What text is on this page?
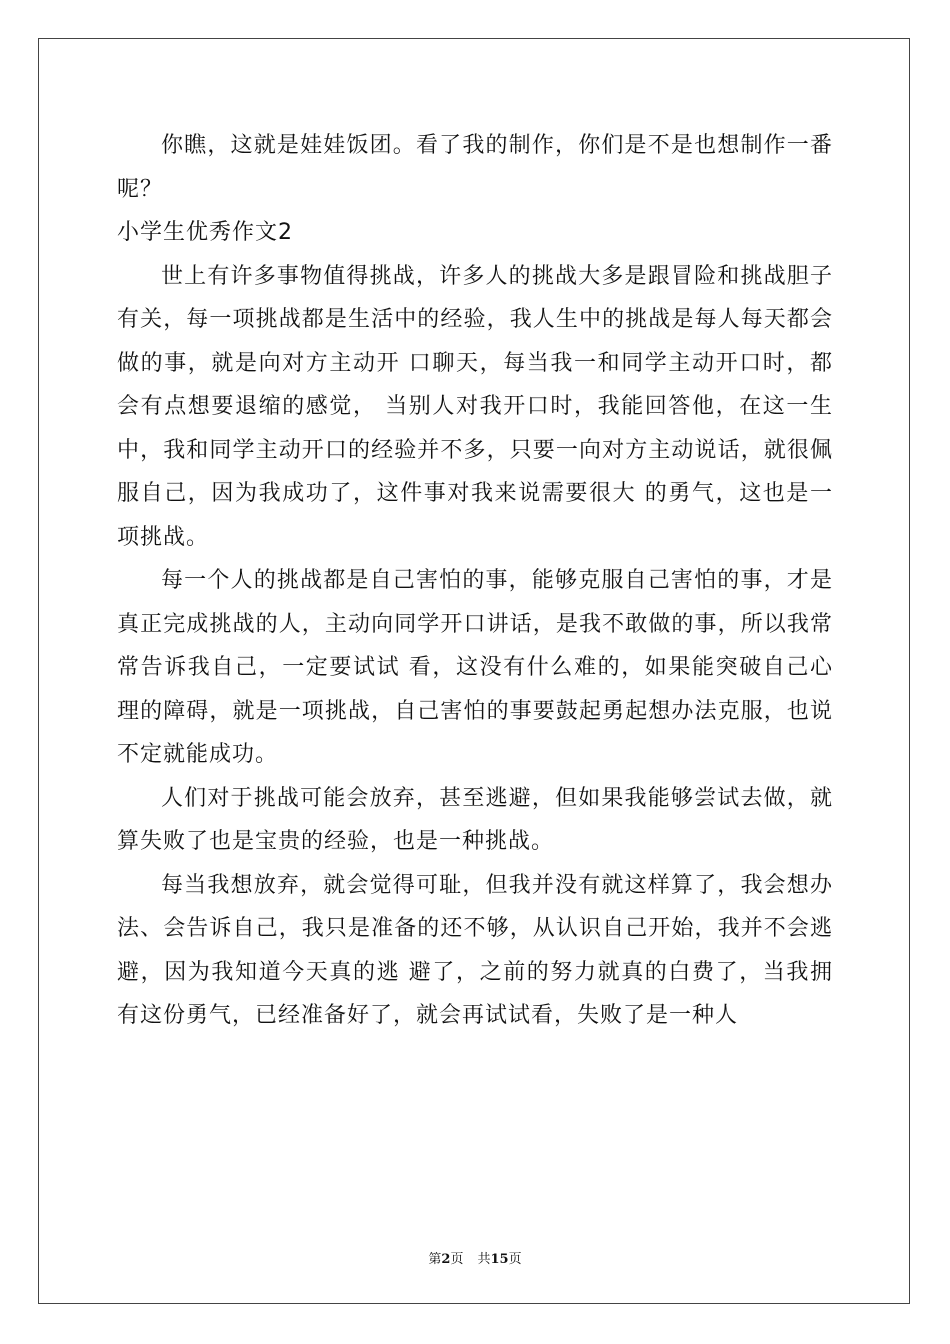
你瞧，这就是娃娃饭团。看了我的制作，你们是不是也想制作一番呢？

小学生优秀作文2

世上有许多事物值得挑战，许多人的挑战大多是跟冒险和挑战胆子有关，每一项挑战都是生活中的经验，我人生中的挑战是每人每天都会做的事，就是向对方主动开 口聊天，每当我一和同学主动开口时，都会有点想要退缩的感觉， 当别人对我开口时，我能回答他，在这一生中，我和同学主动开口的经验并不多，只要一向对方主动说话，就很佩服自己，因为我成功了，这件事对我来说需要很大 的勇气，这也是一项挑战。

每一个人的挑战都是自己害怕的事，能够克服自己害怕的事，才是真正完成挑战的人，主动向同学开口讲话，是我不敢做的事，所以我常常告诉我自己，一定要试试 看，这没有什么难的，如果能突破自己心理的障碍，就是一项挑战，自己害怕的事要鼓起勇起想办法克服，也说不定就能成功。

人们对于挑战可能会放弃，甚至逃避，但如果我能够尝试去做，就算失败了也是宝贵的经验，也是一种挑战。

每当我想放弃，就会觉得可耻，但我并没有就这样算了，我会想办法、会告诉自己，我只是准备的还不够，从认识自己开始，我并不会逃避，因为我知道今天真的逃 避了，之前的努力就真的白费了，当我拥有这份勇气，已经准备好了，就会再试试看，失败了是一种人

第2页 共15页
